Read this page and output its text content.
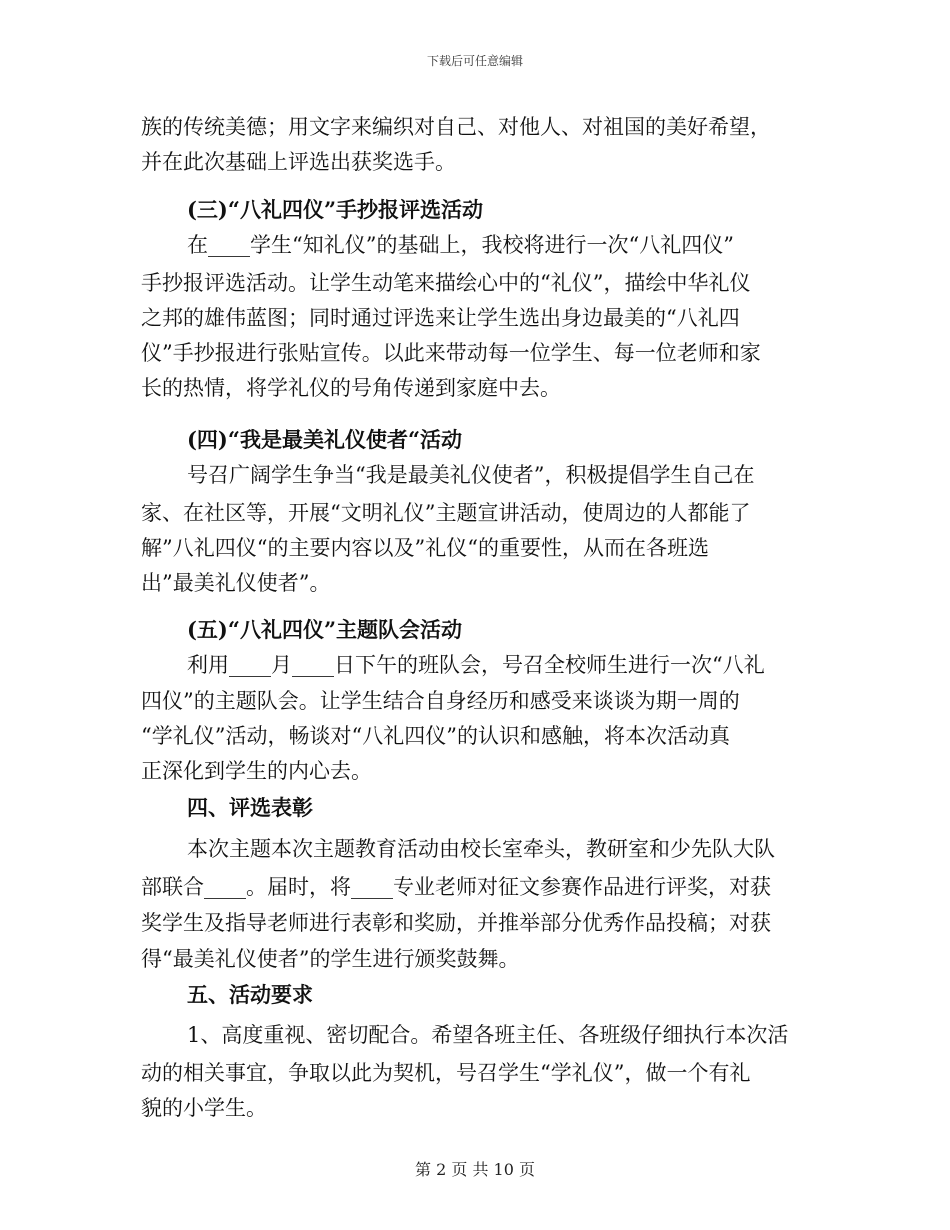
下载后可任意编辑
族的传统美德；用文字来编织对自己、对他人、对祖国的美好希望，
并在此次基础上评选出获奖选手。
(三)“八礼四仪”手抄报评选活动
在____学生“知礼仪”的基础上，我校将进行一次“八礼四仪”
手抄报评选活动。让学生动笔来描绘心中的“礼仪”，描绘中华礼仪
之邦的雄伟蓝图；同时通过评选来让学生选出身边最美的“八礼四
仪”手抄报进行张贴宣传。以此来带动每一位学生、每一位老师和家
长的热情，将学礼仪的号角传递到家庭中去。
(四)“我是最美礼仪使者“活动
号召广阔学生争当“我是最美礼仪使者”，积极提倡学生自己在
家、在社区等，开展“文明礼仪”主题宣讲活动，使周边的人都能了
解”八礼四仪“的主要内容以及”礼仪“的重要性，从而在各班选
出”最美礼仪使者”。
(五)“八礼四仪”主题队会活动
利用____月____日下午的班队会，号召全校师生进行一次“八礼
四仪”的主题队会。让学生结合自身经历和感受来谈谈为期一周的
“学礼仪”活动，畅谈对“八礼四仪”的认识和感触，将本次活动真
正深化到学生的内心去。
四、评选表彰
本次主题本次主题教育活动由校长室牵头，教研室和少先队大队
部联合____。届时，将____专业老师对征文参赛作品进行评奖，对获
奖学生及指导老师进行表彰和奖励，并推举部分优秀作品投稿；对获
得“最美礼仪使者”的学生进行颁奖鼓舞。
五、活动要求
1、高度重视、密切配合。希望各班主任、各班级仔细执行本次活
动的相关事宜，争取以此为契机，号召学生“学礼仪”，做一个有礼
貌的小学生。
第 2 页 共 10 页
